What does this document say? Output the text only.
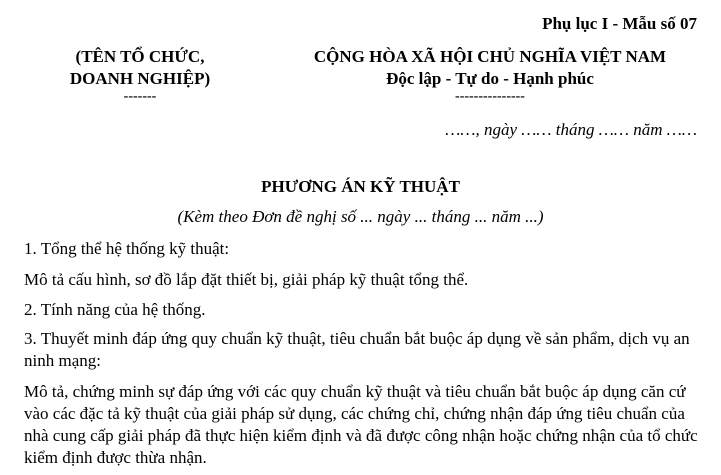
Phụ lục I - Mẫu số 07
(TÊN TỔ CHỨC,
DOANH NGHIỆP)
-------
CỘNG HÒA XÃ HỘI CHỦ NGHĨA VIỆT NAM
Độc lập - Tự do - Hạnh phúc
---------------
……, ngày …… tháng …… năm ……
PHƯƠNG ÁN KỸ THUẬT
(Kèm theo Đơn đề nghị số ... ngày ... tháng ... năm ...)
1. Tổng thể hệ thống kỹ thuật:
Mô tả cấu hình, sơ đồ lắp đặt thiết bị, giải pháp kỹ thuật tổng thể.
2. Tính năng của hệ thống.
3. Thuyết minh đáp ứng quy chuẩn kỹ thuật, tiêu chuẩn bắt buộc áp dụng về sản phẩm, dịch vụ an ninh mạng:
Mô tả, chứng minh sự đáp ứng với các quy chuẩn kỹ thuật và tiêu chuẩn bắt buộc áp dụng căn cứ vào các đặc tả kỹ thuật của giải pháp sử dụng, các chứng chỉ, chứng nhận đáp ứng tiêu chuẩn của nhà cung cấp giải pháp đã thực hiện kiểm định và đã được công nhận hoặc chứng nhận của tổ chức kiểm định được thừa nhận.
